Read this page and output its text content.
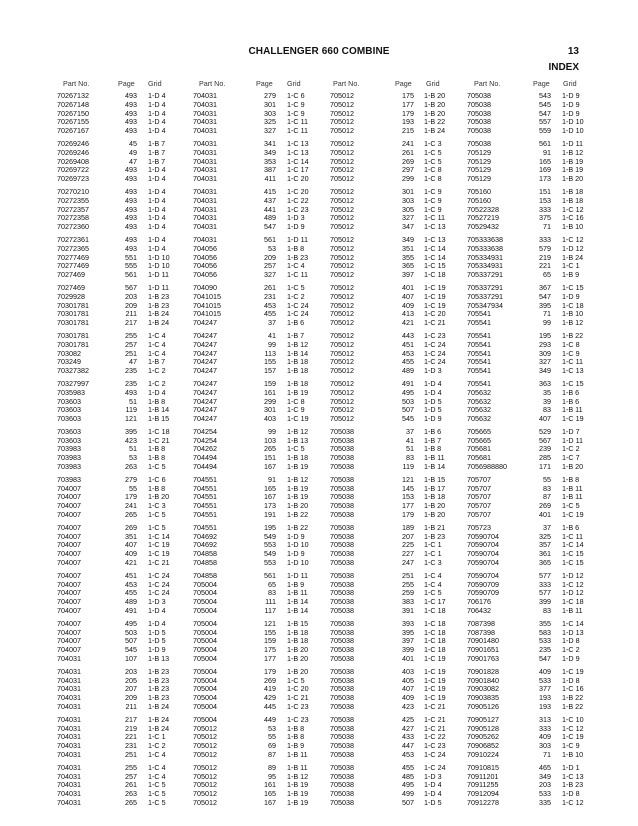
CHALLENGER 660 COMBINE	13
INDEX
Part No.	Page Grid	Part No.	Page Grid	Part No.	Page Grid	Part No.	Page Grid
70267132	493 1-D 4	704031	279 1-C 6	705012	175 1-B 20	705038	543 1-D 9
70267148	493 1-D 4	704031	301 1-C 9	705012	177 1-B 20	705038	545 1-D 9
70267150	493 1-D 4	704031	303 1-C 9	705012	179 1-B 20	705038	547 1-D 9
70267155	493 1-D 4	704031	325 1-C 11	705012	193 1-B 22	705038	557 1-D 10
70267167	493 1-D 4	704031	327 1-C 11	705012	215 1-B 24	705038	559 1-D 10
70269246	45 1-B 7	704031	341 1-C 13	705012	241 1-C 3	705038	561 1-D 11
70269246	49 1-B 7	704031	349 1-C 13	705012	261 1-C 5	705129	91 1-B 12
70269408	47 1-B 7	704031	353 1-C 14	705012	269 1-C 5	705129	165 1-B 19
70269722	493 1-D 4	704031	387 1-C 17	705012	297 1-C 8	705129	169 1-B 19
70269723	493 1-D 4	704031	411 1-C 20	705012	299 1-C 8	705129	173 1-B 20
70270210	493 1-D 4	704031	415 1-C 20	705012	301 1-C 9	705160	151 1-B 18
70272355	493 1-D 4	704031	437 1-C 22	705012	303 1-C 9	705160	153 1-B 18
70272357	493 1-D 4	704031	441 1-C 23	705012	305 1-C 9	70522328	333 1-C 12
70272358	493 1-D 4	704031	489 1-D 3	705012	327 1-C 11	70527219	375 1-C 16
70272360	493 1-D 4	704031	547 1-D 9	705012	347 1-C 13	70529432	71 1-B 10
70272361	493 1-D 4	704031	561 1-D 11	705012	349 1-C 13	705333638	333 1-C 12
70272365	493 1-D 4	704056	53 1-B 8	705012	351 1-C 14	705333638	579 1-D 12
70277469	551 1-D 10	704056	209 1-B 23	705012	355 1-C 14	705334931	219 1-B 24
70277469	555 1-D 10	704056	257 1-C 4	705012	365 1-C 15	705334931	221 1-C 1
7027469	561 1-D 11	704056	327 1-C 11	705012	397 1-C 18	705337291	65 1-B 9
7027469	567 1-D 11	704090	261 1-C 5	705012	401 1-C 19	705337291	367 1-C 15
7029928	203 1-B 23	7041015	231 1-C 2	705012	407 1-C 19	705337291	547 1-D 9
70301781	209 1-B 23	7041015	453 1-C 24	705012	409 1-C 19	705347934	395 1-C 18
70301781	211 1-B 24	7041015	455 1-C 24	705012	413 1-C 20	705541	71 1-B 10
70301781	217 1-B 24	704247	37 1-B 6	705012	421 1-C 21	705541	99 1-B 12
70301781	255 1-C 4	704247	41 1-B 7	705012	443 1-C 23	705541	195 1-B 22
70301781	257 1-C 4	704247	99 1-B 12	705012	451 1-C 24	705541	293 1-C 8
703082	251 1-C 4	704247	113 1-B 14	705012	453 1-C 24	705541	309 1-C 9
703249	47 1-B 7	704247	155 1-B 18	705012	455 1-C 24	705541	327 1-C 11
70327382	235 1-C 2	704247	157 1-B 18	705012	489 1-D 3	705541	349 1-C 13
70327997	235 1-C 2	704247	159 1-B 18	705012	491 1-D 4	705541	363 1-C 15
7035983	493 1-D 4	704247	161 1-B 19	705012	495 1-D 4	705632	35 1-B 6
703603	51 1-B 8	704247	299 1-C 8	705012	503 1-D 5	705632	39 1-B 6
703603	119 1-B 14	704247	301 1-C 9	705012	507 1-D 5	705632	83 1-B 11
703603	121 1-B 15	704247	403 1-C 19	705012	545 1-D 9	705632	407 1-C 19
703603	395 1-C 18	704254	99 1-B 12	705038	37 1-B 6	705665	529 1-D 7
703603	423 1-C 21	704254	103 1-B 13	705038	41 1-B 7	705665	567 1-D 11
703983	51 1-B 8	704262	265 1-C 5	705038	51 1-B 8	705681	239 1-C 2
703983	53 1-B 8	704494	151 1-B 18	705038	83 1-B 11	705681	285 1-C 7
703983	263 1-C 5	704494	167 1-B 19	705038	119 1-B 14	7056988880	171 1-B 20
703983	279 1-C 6	704551	91 1-B 12	705038	121 1-B 15	705707	55 1-B 8
704007	55 1-B 8	704551	165 1-B 19	705038	145 1-B 17	705707	83 1-B 11
704007	179 1-B 20	704551	167 1-B 19	705038	153 1-B 18	705707	87 1-B 11
704007	241 1-C 3	704551	173 1-B 20	705038	177 1-B 20	705707	269 1-C 5
704007	265 1-C 5	704551	191 1-B 22	705038	179 1-B 20	705707	401 1-C 19
704007	269 1-C 5	704551	195 1-B 22	705038	189 1-B 21	705723	37 1-B 6
704007	351 1-C 14	704692	549 1-D 9	705038	207 1-B 23	70590704	325 1-C 11
704007	407 1-C 19	704692	553 1-D 10	705038	225 1-C 1	70590704	357 1-C 14
704007	409 1-C 19	704858	549 1-D 9	705038	227 1-C 1	70590704	361 1-C 15
704007	421 1-C 21	704858	553 1-D 10	705038	247 1-C 3	70590704	365 1-C 15
704007	451 1-C 24	704858	561 1-D 11	705038	251 1-C 4	70590704	577 1-D 12
704007	453 1-C 24	705004	65 1-B 9	705038	255 1-C 4	70590709	333 1-C 12
704007	455 1-C 24	705004	83 1-B 11	705038	259 1-C 5	70590709	577 1-D 12
704007	489 1-D 3	705004	111 1-B 14	705038	383 1-C 17	706176	399 1-C 18
704007	491 1-D 4	705004	117 1-B 14	705038	391 1-C 18	706432	83 1-B 11
704007	495 1-D 4	705004	121 1-B 15	705038	393 1-C 18	7087398	355 1-C 14
704007	503 1-D 5	705004	155 1-B 18	705038	395 1-C 18	7087398	583 1-D 13
704007	507 1-D 5	705004	159 1-B 18	705038	397 1-C 18	70901480	533 1-D 8
704007	545 1-D 9	705004	175 1-B 20	705038	399 1-C 18	70901651	235 1-C 2
704031	107 1-B 13	705004	177 1-B 20	705038	401 1-C 19	70901763	547 1-D 9
704031	203 1-B 23	705004	179 1-B 20	705038	403 1-C 19	70901828	409 1-C 19
704031	205 1-B 23	705004	269 1-C 5	705038	405 1-C 19	70901840	533 1-D 8
704031	207 1-B 23	705004	419 1-C 20	705038	407 1-C 19	70903082	377 1-C 16
704031	209 1-B 23	705004	429 1-C 21	705038	409 1-C 19	70903835	193 1-B 22
704031	211 1-B 24	705004	445 1-C 23	705038	423 1-C 21	70905126	193 1-B 22
704031	217 1-B 24	705004	449 1-C 23	705038	425 1-C 21	70905127	313 1-C 10
704031	219 1-B 24	705012	53 1-B 8	705038	427 1-C 21	70905128	333 1-C 12
704031	221 1-C 1	705012	55 1-B 8	705038	433 1-C 22	70905262	409 1-C 19
704031	231 1-C 2	705012	69 1-B 9	705038	447 1-C 23	70906852	303 1-C 9
704031	251 1-C 4	705012	87 1-B 11	705038	453 1-C 24	70910224	71 1-B 10
704031	255 1-C 4	705012	89 1-B 11	705038	455 1-C 24	70910815	465 1-D 1
704031	257 1-C 4	705012	95 1-B 12	705038	485 1-D 3	70911201	349 1-C 13
704031	261 1-C 5	705012	161 1-B 19	705038	495 1-D 4	70911255	203 1-B 23
704031	263 1-C 5	705012	165 1-B 19	705038	499 1-D 4	70912094	533 1-D 8
704031	265 1-C 5	705012	167 1-B 19	705038	507 1-D 5	70912278	335 1-C 12
